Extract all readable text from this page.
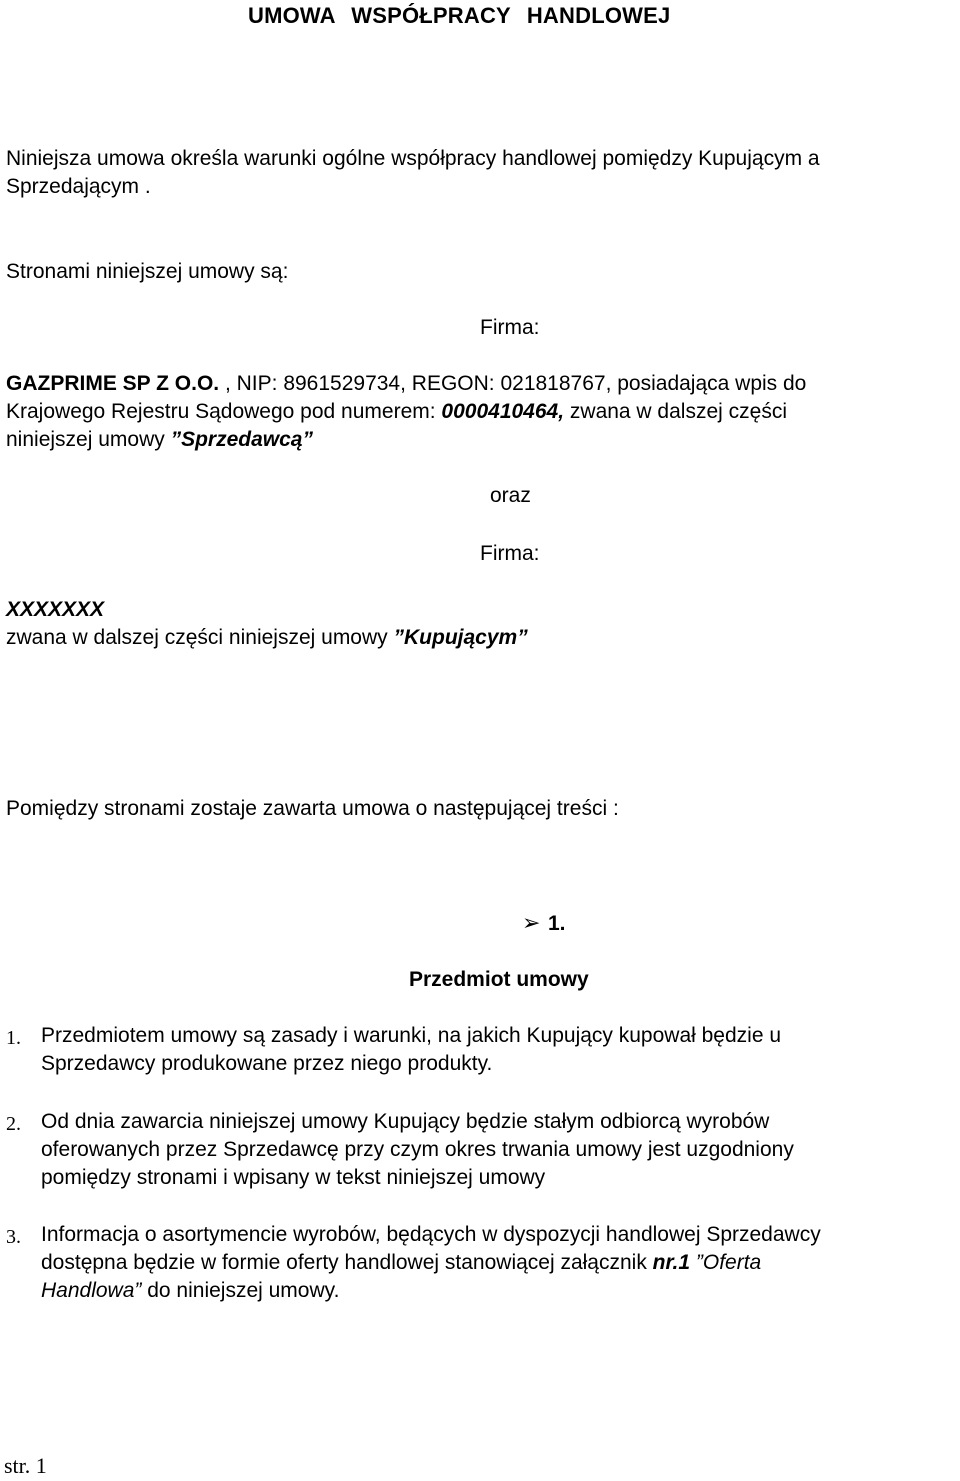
UMOWA WSPÓŁPRACY HANDLOWEJ
Niniejsza umowa określa warunki ogólne współpracy handlowej pomiędzy Kupującym a
Sprzedającym .
Stronami niniejszej umowy są:
Firma:
GAZPRIME SP Z O.O. , NIP: 8961529734, REGON: 021818767, posiadająca wpis do
Krajowego Rejestru Sądowego pod numerem: 0000410464, zwana w dalszej części
niniejszej umowy ”Sprzedawcą”
oraz
Firma:
XXXXXXX
zwana w dalszej części niniejszej umowy ”Kupującym”
Pomiędzy stronami zostaje zawarta umowa o następującej treści :
➢ 1.
Przedmiot umowy
1. Przedmiotem umowy są zasady i warunki, na jakich Kupujący kupował będzie u
Sprzedawcy produkowane przez niego produkty.
2. Od dnia zawarcia niniejszej umowy Kupujący będzie stałym odbiorcą wyrobów
oferowanych przez Sprzedawcę przy czym okres trwania umowy jest uzgodniony
pomiędzy stronami i wpisany w tekst niniejszej umowy
3. Informacja o asortymencie wyrobów, będących w dyspozycji handlowej Sprzedawcy
dostępna będzie w formie oferty handlowej stanowiącej załącznik nr.1 ”Oferta
Handlowa” do niniejszej umowy.
str. 1
